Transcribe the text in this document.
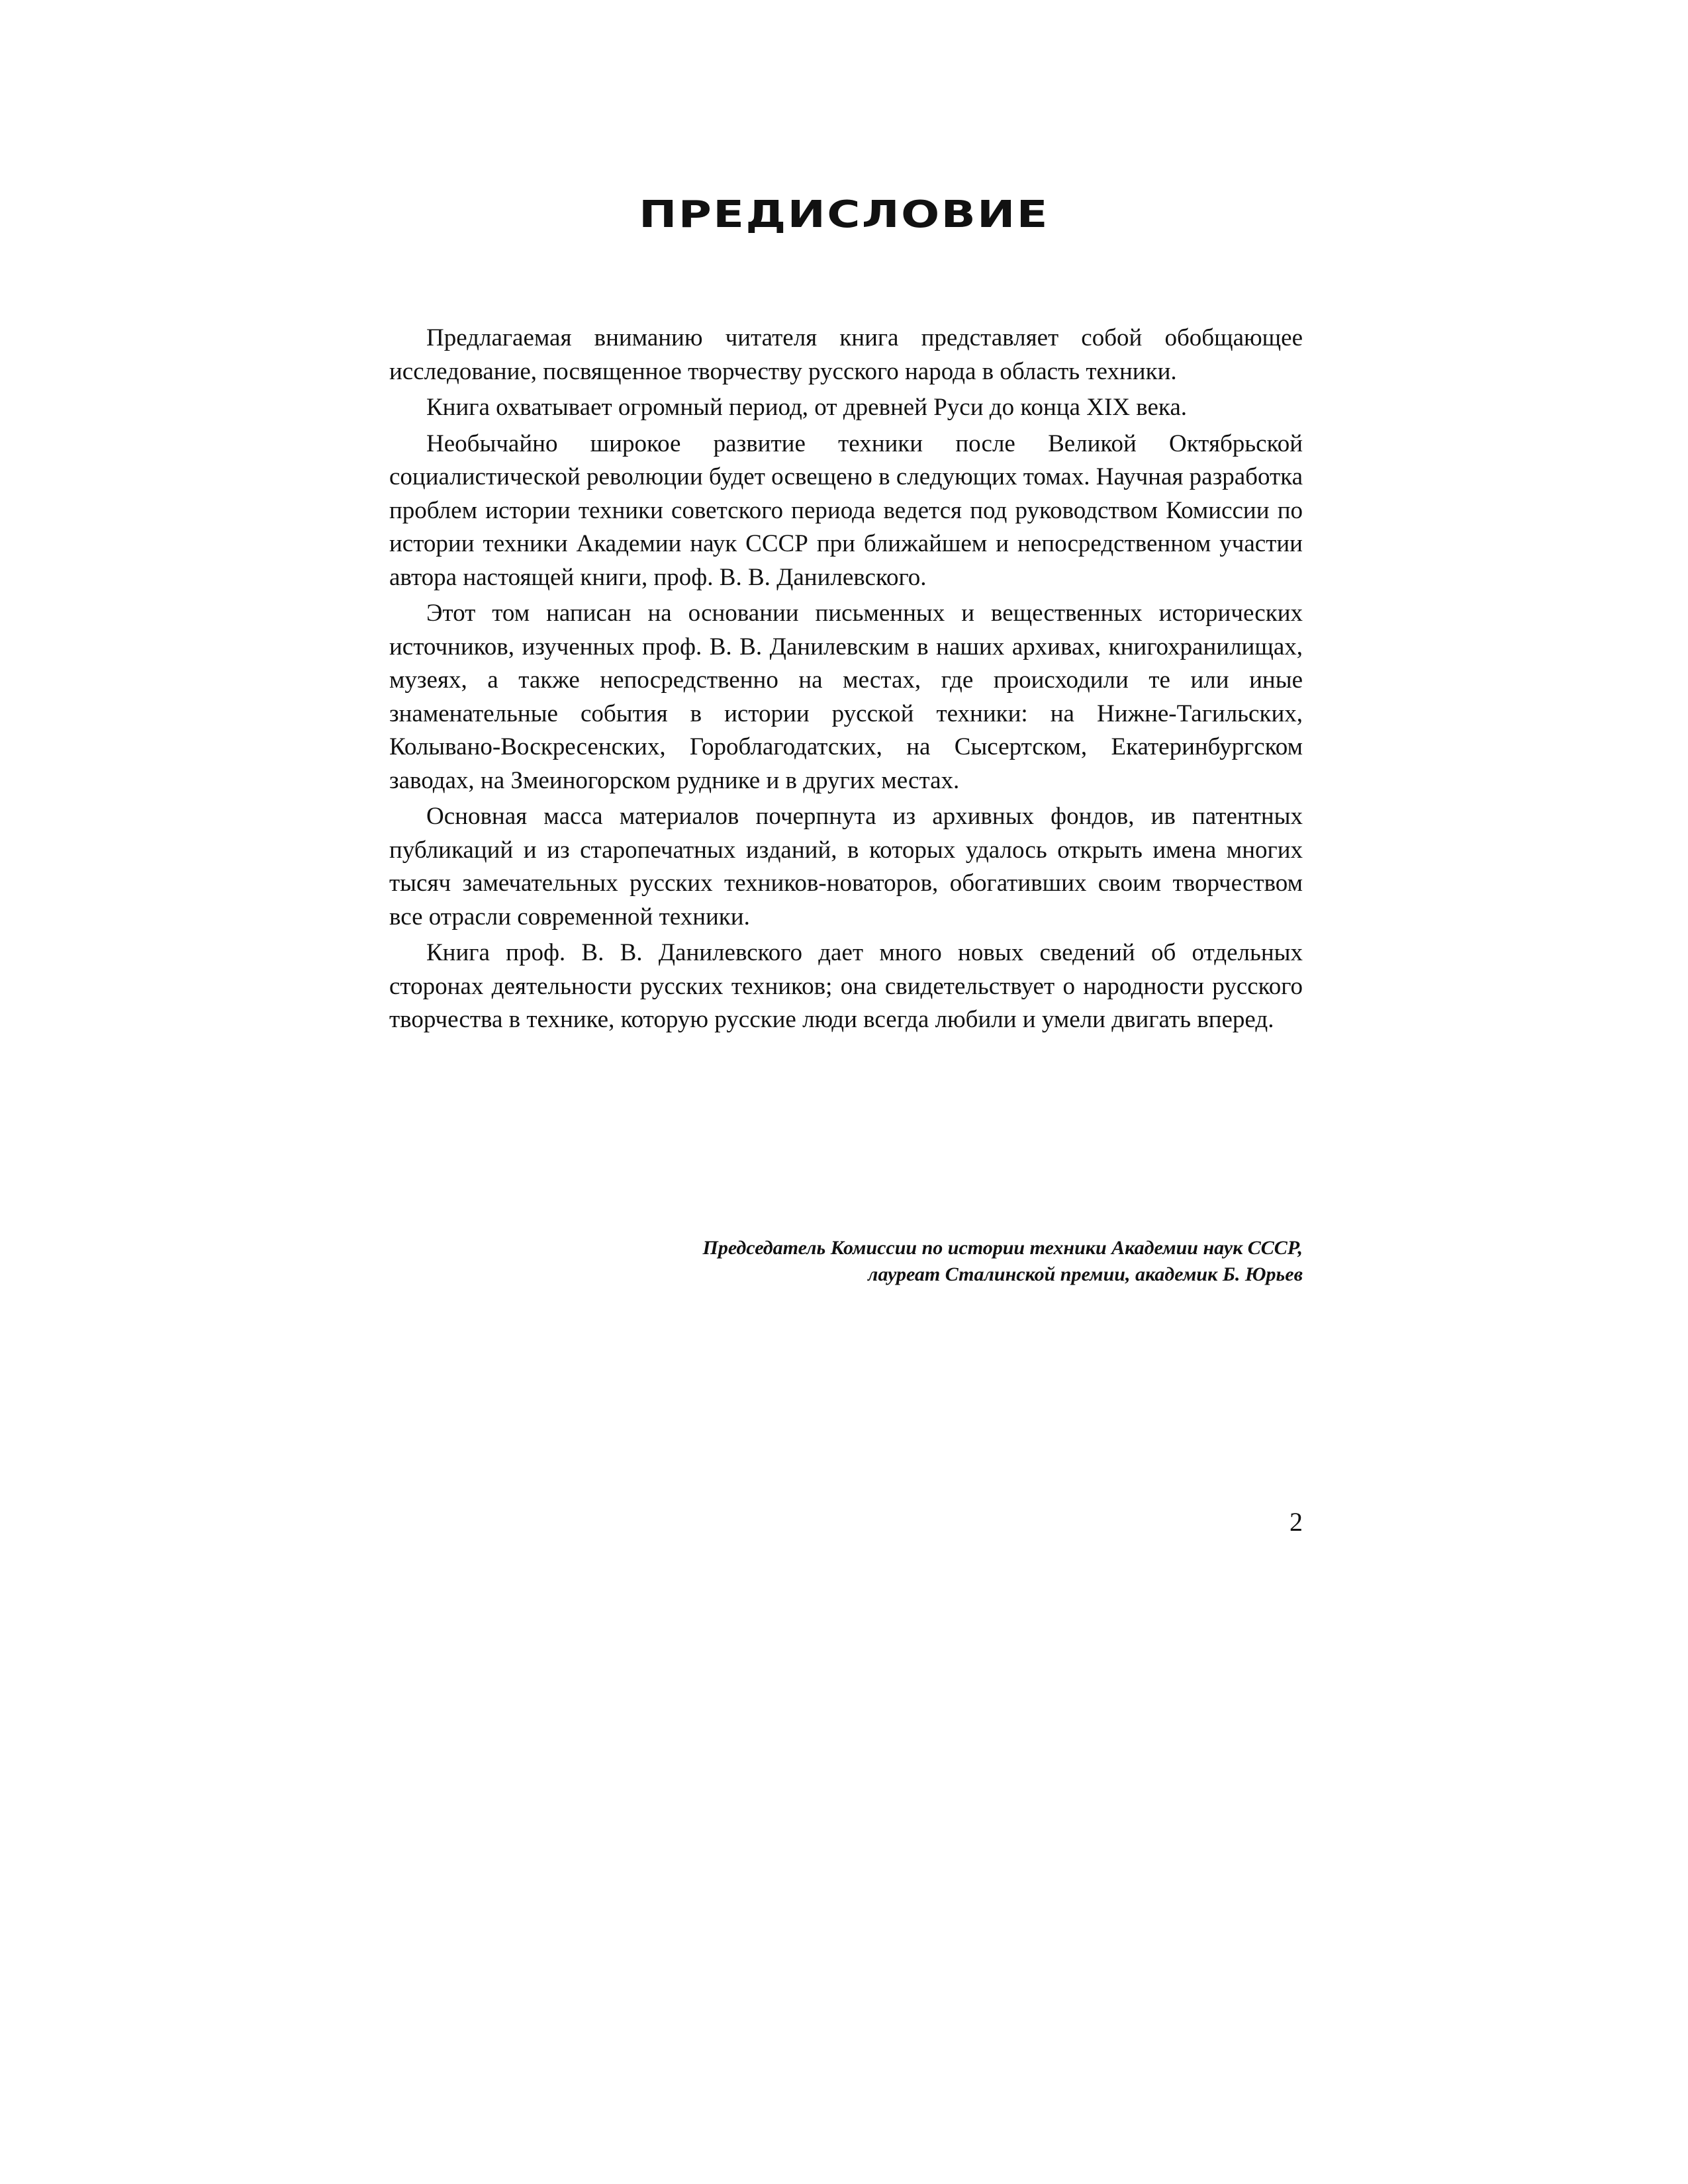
ПРЕДИСЛОВИЕ

Предлагаемая вниманию читателя книга представляет собой обобщающее исследование, посвященное творчеству русского народа в область техники.

Книга охватывает огромный период, от древней Руси до конца XIX века.

Необычайно широкое развитие техники после Великой Октябрьской социалистической революции будет освещено в следующих томах. Научная разработка проблем истории техники советского периода ведется под руководством Комиссии по истории техники Академии наук СССР при ближайшем и непосредственном участии автора настоящей книги, проф. В. В. Данилевского.

Этот том написан на основании письменных и вещественных исторических источников, изученных проф. В. В. Данилевским в наших архивах, книгохранилищах, музеях, а также непосредственно на местах, где происходили те или иные знаменательные события в истории русской техники: на Нижне-Тагильских, Колывано-Воскресенских, Гороблагодатских, на Сысертском, Екатеринбургском заводах, на Змеиногорском руднике и в других местах.

Основная масса материалов почерпнута из архивных фондов, ив патентных публикаций и из старопечатных изданий, в которых удалось открыть имена многих тысяч замечательных русских техников-новаторов, обогативших своим творчеством все отрасли современной техники.

Книга проф. В. В. Данилевского дает много новых сведений об отдельных сторонах деятельности русских техников; она свидетельствует о народности русского творчества в технике, которую русские люди всегда любили и умели двигать вперед.

Председатель Комиссии по истории техники Академии наук СССР,
лауреат Сталинской премии, академик Б. Юрьев
2
